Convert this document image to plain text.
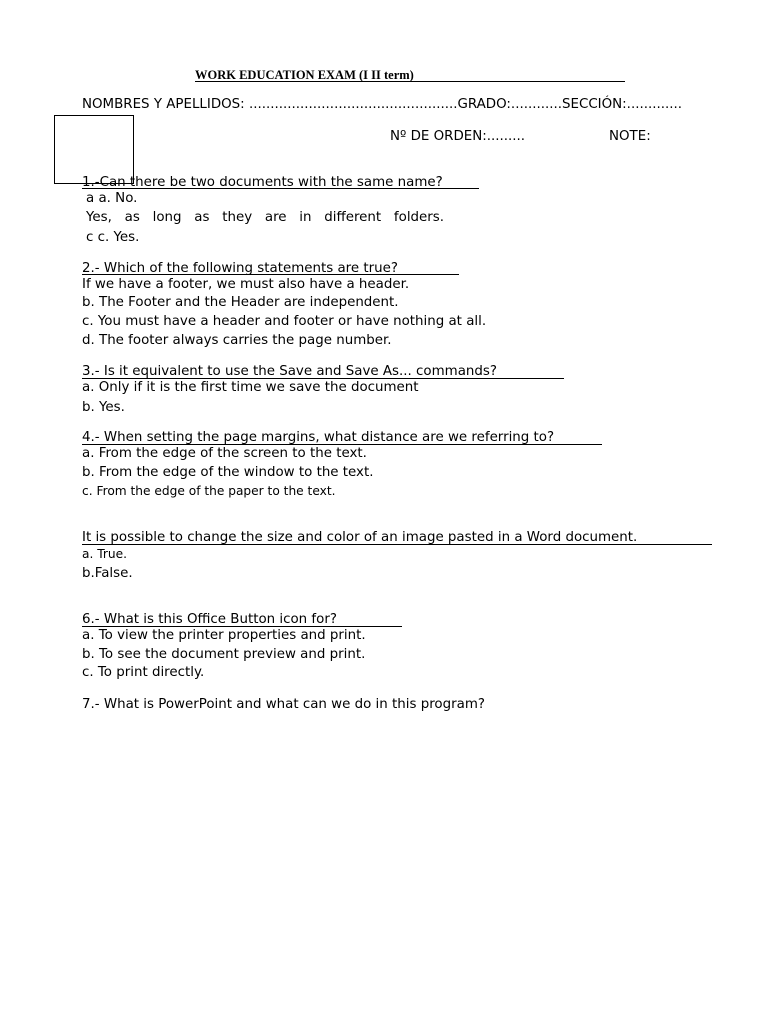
WORK EDUCATION EXAM (I II term)
NOMBRES Y APELLIDOS: .................................................GRADO:............SECCIÓN:.............
Nº DE ORDEN:.........	NOTE:
1.-Can there be two documents with the same name?
a a. No.
Yes,   as   long   as   they   are   in   different   folders.
c c. Yes.
2.- Which of the following statements are true?
If we have a footer, we must also have a header.
b. The Footer and the Header are independent.
c. You must have a header and footer or have nothing at all.
d. The footer always carries the page number.
3.- Is it equivalent to use the Save and Save As... commands?
a. Only if it is the first time we save the document
b. Yes.
4.- When setting the page margins, what distance are we referring to?
a. From the edge of the screen to the text.
b. From the edge of the window to the text.
c. From the edge of the paper to the text.
It is possible to change the size and color of an image pasted in a Word document.
a. True.
b.False.
6.- What is this Office Button icon for?
a. To view the printer properties and print.
b. To see the document preview and print.
c. To print directly.
7.- What is PowerPoint and what can we do in this program?
